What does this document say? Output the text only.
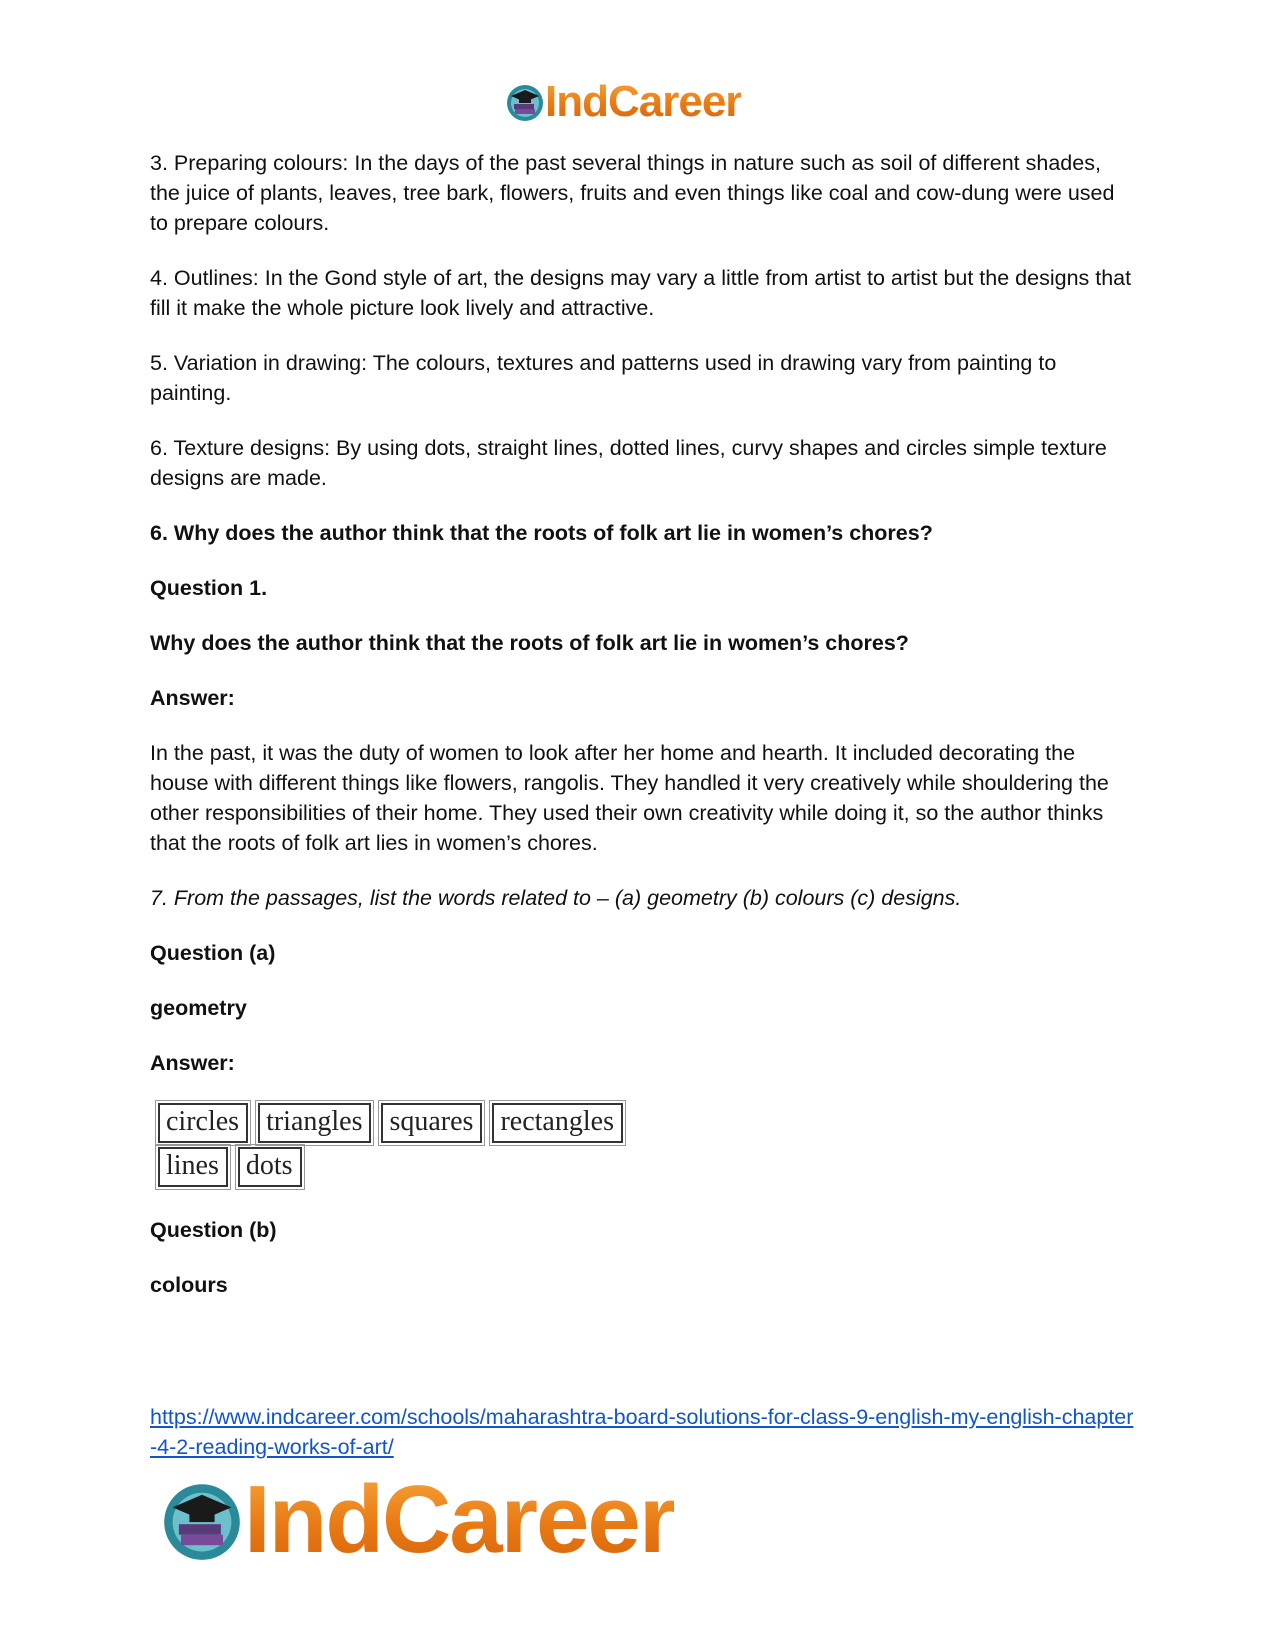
IndCareer

3. Preparing colours: In the days of the past several things in nature such as soil of different shades, the juice of plants, leaves, tree bark, flowers, fruits and even things like coal and cow-dung were used to prepare colours.

4. Outlines: In the Gond style of art, the designs may vary a little from artist to artist but the designs that fill it make the whole picture look lively and attractive.

5. Variation in drawing: The colours, textures and patterns used in drawing vary from painting to painting.

6. Texture designs: By using dots, straight lines, dotted lines, curvy shapes and circles simple texture designs are made.

6. Why does the author think that the roots of folk art lie in women’s chores?

Question 1.

Why does the author think that the roots of folk art lie in women’s chores?

Answer:

In the past, it was the duty of women to look after her home and hearth. It included decorating the house with different things like flowers, rangolis. They handled it very creatively while shouldering the other responsibilities of their home. They used their own creativity while doing it, so the author thinks that the roots of folk art lies in women’s chores.

7. From the passages, list the words related to – (a) geometry (b) colours (c) designs.

Question (a)

geometry

Answer:

circles triangles squares rectangles
lines dots

Question (b)

colours

https://www.indcareer.com/schools/maharashtra-board-solutions-for-class-9-english-my-english-chapter-4-2-reading-works-of-art/
IndCareer
